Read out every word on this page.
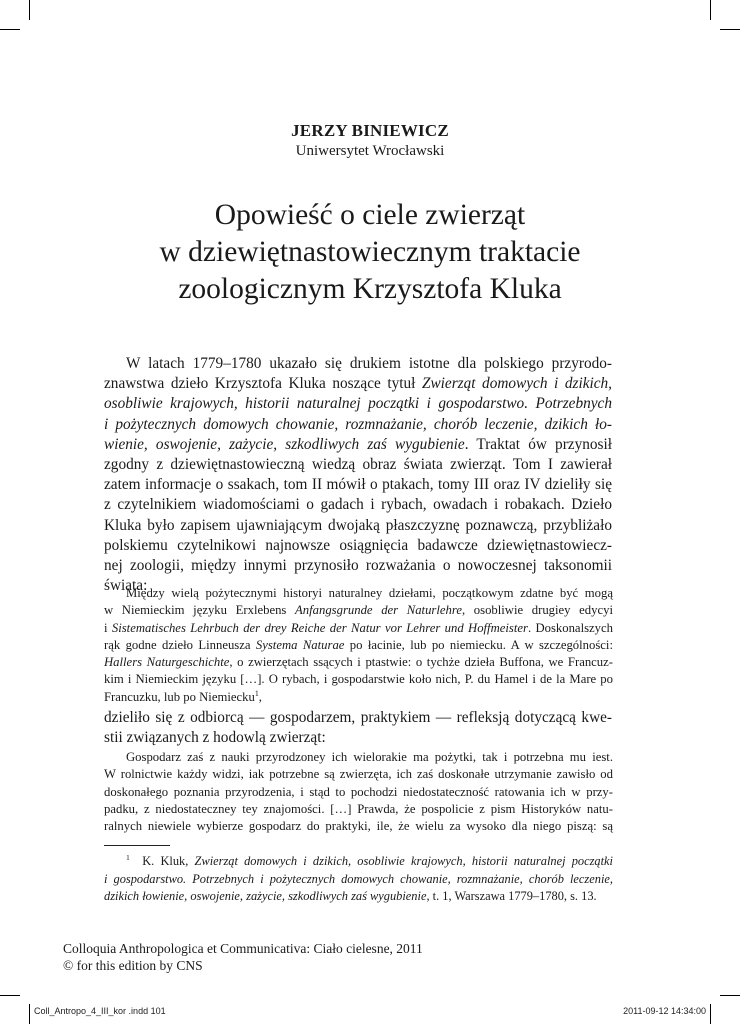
JERZY BINIEWICZ
Uniwersytet Wrocławski
Opowieść o ciele zwierząt
w dziewiętnastowiecznym traktacie
zoologicznym Krzysztofa Kluka
W latach 1779–1780 ukazało się drukiem istotne dla polskiego przyrodo-
znawstwa dzieło Krzysztofa Kluka noszące tytuł Zwierząt domowych i dzikich,
osobliwie krajowych, historii naturalnej początki i gospodarstwo. Potrzebnych
i pożytecznych domowych chowanie, rozmnażanie, chorób leczenie, dzikich ło-
wienie, oswojenie, zażycie, szkodliwych zaś wygubienie. Traktat ów przynosił
zgodny z dziewiętnastowieczną wiedzą obraz świata zwierząt. Tom I zawierał
zatem informacje o ssakach, tom II mówił o ptakach, tomy III oraz IV dzieliły się
z czytelnikiem wiadomościami o gadach i rybach, owadach i robakach. Dzieło
Kluka było zapisem ujawniającym dwojaką płaszczyznę poznawczą, przybliżało
polskiemu czytelnikowi najnowsze osiągnięcia badawcze dziewiętnastowiecz-
nej zoologii, między innymi przynosiło rozważania o nowoczesnej taksonomii
świata:
Między wielą pożytecznymi historyi naturalney dziełami, początkowym zdatne być mogą
w Niemieckim języku Erxlebens Anfangsgrunde der Naturlehre, osobliwie drugiey edycyi
i Sistematisches Lehrbuch der drey Reiche der Natur vor Lehrer und Hoffmeister. Doskonalszych
rąk godne dzieło Linneusza Systema Naturae po łacinie, lub po niemiecku. A w szczególności:
Hallers Naturgeschichte, o zwierzętach ssących i ptastwie: o tychże dzieła Buffona, we Francuz-
kim i Niemieckim języku […]. O rybach, i gospodarstwie koło nich, P. du Hamel i de la Mare po
Francuzku, lub po Niemiecku$^1$,
dzieliło się z odbiorcą — gospodarzem, praktykiem — refleksją dotyczącą kwe-
stii związanych z hodowlą zwierząt:
Gospodarz zaś z nauki przyrodzoney ich wielorakie ma pożytki, tak i potrzebna mu iest.
W rolnictwie każdy widzi, iak potrzebne są zwierzęta, ich zaś doskonałe utrzymanie zawisło od
doskonałego poznania przyrodzenia, i stąd to pochodzi niedostateczność ratowania ich w przy-
padku, z niedostateczney tey znajomości. […] Prawda, że pospolicie z pism Historyków natu-
ralnych niewiele wybierze gospodarz do praktyki, ile, że wielu za wysoko dla niego piszą: są
$^1$ K. Kluk, Zwierząt domowych i dzikich, osobliwie krajowych, historii naturalnej początki
i gospodarstwo. Potrzebnych i pożytecznych domowych chowanie, rozmnażanie, chorób leczenie,
dzikich łowienie, oswojenie, zażycie, szkodliwych zaś wygubienie, t. 1, Warszawa 1779–1780, s. 13.
Colloquia Anthropologica et Communicativa: Ciało cielesne, 2011
© for this edition by CNS
Coll_Antropo_4_III_kor .indd 101	2011-09-12 14:34:00
